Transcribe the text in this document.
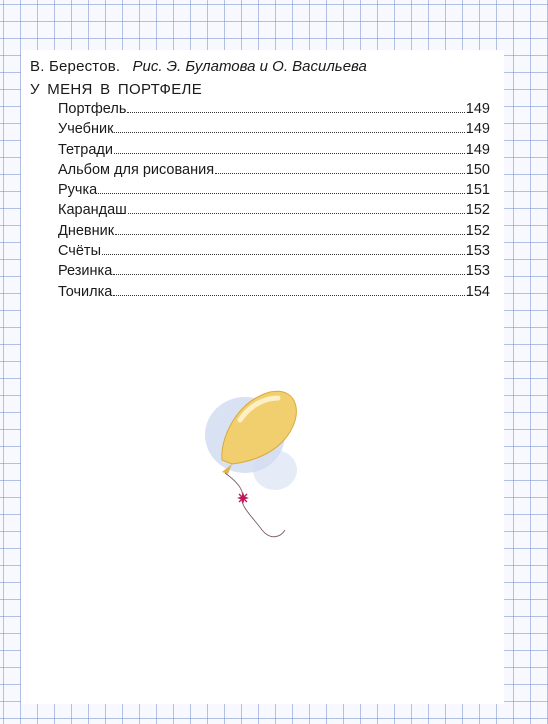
В. Берестов. Рис. Э. Булатова и О. Васильева
У МЕНЯ В ПОРТФЕЛЕ
Портфель	149
Учебник	149
Тетради	149
Альбом для рисования	150
Ручка	151
Карандаш	152
Дневник	152
Счёты	153
Резинка	153
Точилка	154
